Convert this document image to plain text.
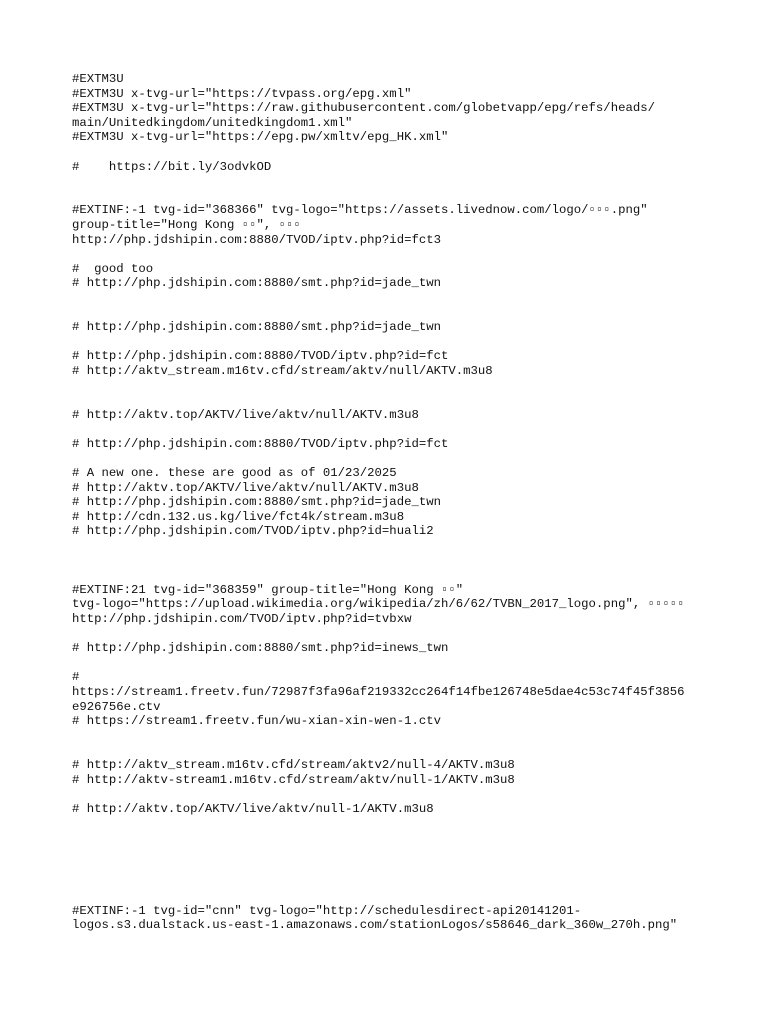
#EXTM3U
#EXTM3U x-tvg-url="https://tvpass.org/epg.xml"
#EXTM3U x-tvg-url="https://raw.githubusercontent.com/globetvapp/epg/refs/heads/
main/Unitedkingdom/unitedkingdom1.xml"
#EXTM3U x-tvg-url="https://epg.pw/xmltv/epg_HK.xml"
#    https://bit.ly/3odvkOD
#EXTINF:-1 tvg-id="368366" tvg-logo="https://assets.livednow.com/logo/▫▫▫.png"
group-title="Hong Kong ▫▫", ▫▫▫
http://php.jdshipin.com:8880/TVOD/iptv.php?id=fct3
#  good too
# http://php.jdshipin.com:8880/smt.php?id=jade_twn
# http://php.jdshipin.com:8880/smt.php?id=jade_twn
# http://php.jdshipin.com:8880/TVOD/iptv.php?id=fct
# http://aktv_stream.m16tv.cfd/stream/aktv/null/AKTV.m3u8
# http://aktv.top/AKTV/live/aktv/null/AKTV.m3u8
# http://php.jdshipin.com:8880/TVOD/iptv.php?id=fct
# A new one. these are good as of 01/23/2025
# http://aktv.top/AKTV/live/aktv/null/AKTV.m3u8
# http://php.jdshipin.com:8880/smt.php?id=jade_twn
# http://cdn.132.us.kg/live/fct4k/stream.m3u8
# http://php.jdshipin.com/TVOD/iptv.php?id=huali2
#EXTINF:21 tvg-id="368359" group-title="Hong Kong ▫▫"
tvg-logo="https://upload.wikimedia.org/wikipedia/zh/6/62/TVBN_2017_logo.png", ▫▫▫▫▫
http://php.jdshipin.com/TVOD/iptv.php?id=tvbxw
# http://php.jdshipin.com:8880/smt.php?id=inews_twn
#
https://stream1.freetv.fun/72987f3fa96af219332cc264f14fbe126748e5dae4c53c74f45f3856
e926756e.ctv
# https://stream1.freetv.fun/wu-xian-xin-wen-1.ctv
# http://aktv_stream.m16tv.cfd/stream/aktv2/null-4/AKTV.m3u8
# http://aktv-stream1.m16tv.cfd/stream/aktv/null-1/AKTV.m3u8
# http://aktv.top/AKTV/live/aktv/null-1/AKTV.m3u8
#EXTINF:-1 tvg-id="cnn" tvg-logo="http://schedulesdirect-api20141201-
logos.s3.dualstack.us-east-1.amazonaws.com/stationLogos/s58646_dark_360w_270h.png"
